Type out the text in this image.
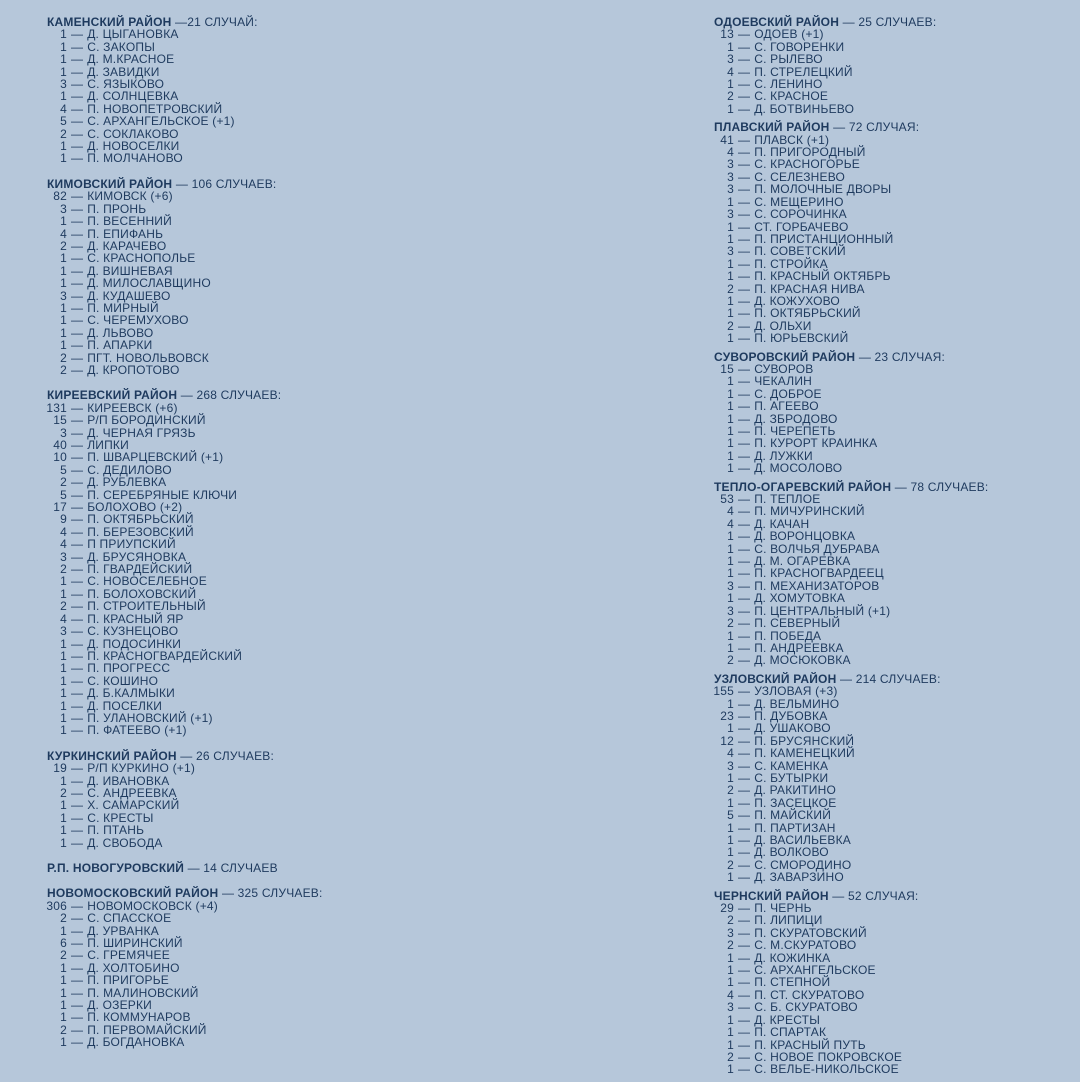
КАМЕНСКИЙ РАЙОН —21 СЛУЧАЙ:
1 — Д. ЦЫГАНОВКА
1 — С. ЗАКОПЫ
1 — Д. М.КРАСНОЕ
1 — Д. ЗАВИДКИ
3 — С. ЯЗЫКОВО
1 — Д. СОЛНЦЕВКА
4 — П. НОВОПЕТРОВСКИЙ
5 — С. АРХАНГЕЛЬСКОЕ (+1)
2 — С. СОКЛАКОВО
1 — Д. НОВОСЕЛКИ
1 — П. МОЛЧАНОВО
КИМОВСКИЙ РАЙОН — 106 СЛУЧАЕВ:
82 — КИМОВСК (+6)
3 — П. ПРОНЬ
1 — П. ВЕСЕННИЙ
4 — П. ЕПИФАНЬ
2 — Д. КАРАЧЕВО
1 — С. КРАСНОПОЛЬЕ
1 — Д. ВИШНЕВАЯ
1 — Д. МИЛОСЛАВЩИНО
3 — Д. КУДАШЕВО
1 — П. МИРНЫЙ
1 — С. ЧЕРЕМУХОВО
1 — Д. ЛЬВОВО
1 — П. АПАРКИ
2 — ПГТ. НОВОЛЬВОВСК
2 — Д. КРОПОТОВО
КИРЕЕВСКИЙ РАЙОН — 268 СЛУЧАЕВ:
131 — КИРЕЕВСК (+6)
15 — Р/П БОРОДИНСКИЙ
3 — Д. ЧЕРНАЯ ГРЯЗЬ
40 — ЛИПКИ
10 — П. ШВАРЦЕВСКИЙ (+1)
5 — С. ДЕДИЛОВО
2 — Д. РУБЛЕВКА
5 — П. СЕРЕБРЯНЫЕ КЛЮЧИ
17 — БОЛОХОВО (+2)
9 — П. ОКТЯБРЬСКИЙ
4 — П. БЕРЕЗОВСКИЙ
4 — П ПРИУПСКИЙ
3 — Д. БРУСЯНОВКА
2 — П. ГВАРДЕЙСКИЙ
1 — С. НОВОСЕЛЕБНОЕ
1 — П. БОЛОХОВСКИЙ
2 — П. СТРОИТЕЛЬНЫЙ
4 — П. КРАСНЫЙ ЯР
3 — С. КУЗНЕЦОВО
1 — Д. ПОДОСИНКИ
1 — П. КРАСНОГВАРДЕЙСКИЙ
1 — П. ПРОГРЕСС
1 — С. КОШИНО
1 — Д. Б.КАЛМЫКИ
1 — Д. ПОСЕЛКИ
1 — П. УЛАНОВСКИЙ (+1)
1 — П. ФАТЕЕВО (+1)
КУРКИНСКИЙ РАЙОН — 26 СЛУЧАЕВ:
19 — Р/П КУРКИНО (+1)
1 — Д. ИВАНОВКА
2 — С. АНДРЕЕВКА
1 — Х. САМАРСКИЙ
1 — С. КРЕСТЫ
1 — П. ПТАНЬ
1 — Д. СВОБОДА
Р.П. НОВОГУРОВСКИЙ — 14 СЛУЧАЕВ
НОВОМОСКОВСКИЙ РАЙОН — 325 СЛУЧАЕВ:
306 — НОВОМОСКОВСК (+4)
2 — С. СПАССКОЕ
1 — Д. УРВАНКА
6 — П. ШИРИНСКИЙ
2 — С. ГРЕМЯЧЕЕ
1 — Д. ХОЛТОБИНО
1 — П. ПРИГОРЬЕ
1 — П. МАЛИНОВСКИЙ
1 — Д. ОЗЕРКИ
1 — П. КОММУНАРОВ
2 — П. ПЕРВОМАЙСКИЙ
1 — Д. БОГДАНОВКА
ОДОЕВСКИЙ РАЙОН — 25 СЛУЧАЕВ:
13 — ОДОЕВ (+1)
1 — С. ГОВОРЕНКИ
3 — С. РЫЛЕВО
4 — П. СТРЕЛЕЦКИЙ
1 — С. ЛЕНИНО
2 — С. КРАСНОЕ
1 — Д. БОТВИНЬЕВО
ПЛАВСКИЙ РАЙОН — 72 СЛУЧАЯ:
41 — ПЛАВСК (+1)
4 — П. ПРИГОРОДНЫЙ
3 — С. КРАСНОГОРЬЕ
3 — С. СЕЛЕЗНЕВО
3 — П. МОЛОЧНЫЕ ДВОРЫ
1 — С. МЕЩЕРИНО
3 — С. СОРОЧИНКА
1 — СТ. ГОРБАЧЕВО
1 — П. ПРИСТАНЦИОННЫЙ
3 — П. СОВЕТСКИЙ
1 — П. СТРОЙКА
1 — П. КРАСНЫЙ ОКТЯБРЬ
2 — П. КРАСНАЯ НИВА
1 — Д. КОЖУХОВО
1 — П. ОКТЯБРЬСКИЙ
2 — Д. ОЛЬХИ
1 — П. ЮРЬЕВСКИЙ
СУВОРОВСКИЙ РАЙОН — 23 СЛУЧАЯ:
15 — СУВОРОВ
1 — ЧЕКАЛИН
1 — С. ДОБРОЕ
1 — П. АГЕЕВО
1 — Д. ЗБРОДОВО
1 — П. ЧЕРЕПЕТЬ
1 — П. КУРОРТ КРАИНКА
1 — Д. ЛУЖКИ
1 — Д. МОСОЛОВО
ТЕПЛО-ОГАРЕВСКИЙ РАЙОН — 78 СЛУЧАЕВ:
53 — П. ТЕПЛОЕ
4 — П. МИЧУРИНСКИЙ
4 — Д. КАЧАН
1 — Д. ВОРОНЦОВКА
1 — С. ВОЛЧЬЯ ДУБРАВА
1 — Д. М. ОГАРЕВКА
1 — П. КРАСНОГВАРДЕЕЦ
3 — П. МЕХАНИЗАТОРОВ
1 — Д. ХОМУТОВКА
3 — П. ЦЕНТРАЛЬНЫЙ (+1)
2 — П. СЕВЕРНЫЙ
1 — П. ПОБЕДА
1 — П. АНДРЕЕВКА
2 — Д. МОСЮКОВКА
УЗЛОВСКИЙ РАЙОН — 214 СЛУЧАЕВ:
155 — УЗЛОВАЯ (+3)
1 — Д. ВЕЛЬМИНО
23 — П. ДУБОВКА
1 — Д. УШАКОВО
12 — П. БРУСЯНСКИЙ
4 — П. КАМЕНЕЦКИЙ
3 — С. КАМЕНКА
1 — С. БУТЫРКИ
2 — Д. РАКИТИНО
1 — П. ЗАСЕЦКОЕ
5 — П. МАЙСКИЙ
1 — П. ПАРТИЗАН
1 — Д. ВАСИЛЬЕВКА
1 — Д. ВОЛКОВО
2 — С. СМОРОДИНО
1 — Д. ЗАВАРЗИНО
ЧЕРНСКИЙ РАЙОН — 52 СЛУЧАЯ:
29 — П. ЧЕРНЬ
2 — П. ЛИПИЦИ
3 — П. СКУРАТОВСКИЙ
2 — С. М.СКУРАТОВО
1 — Д. КОЖИНКА
1 — С. АРХАНГЕЛЬСКОЕ
1 — П. СТЕПНОЙ
4 — П. СТ. СКУРАТОВО
3 — С. Б. СКУРАТОВО
1 — Д. КРЕСТЫ
1 — П. СПАРТАК
1 — П. КРАСНЫЙ ПУТЬ
2 — С. НОВОЕ ПОКРОВСКОЕ
1 — С. ВЕЛЬЕ-НИКОЛЬСКОЕ
